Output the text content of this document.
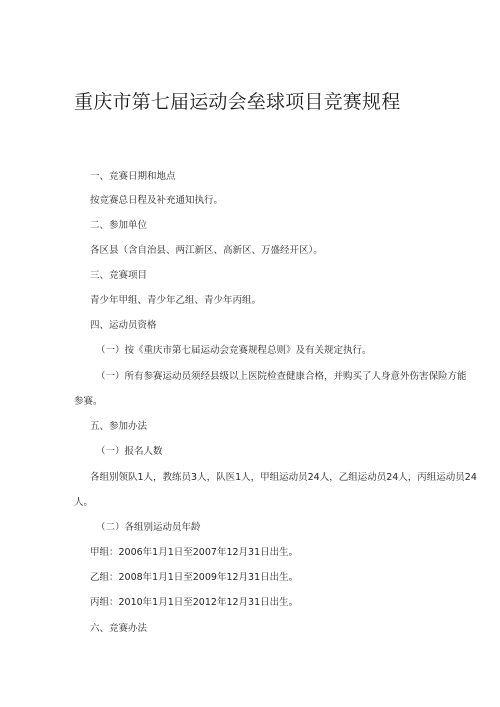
重庆市第七届运动会垒球项目竞赛规程
一、竞赛日期和地点
按竞赛总日程及补充通知执行。
二、参加单位
各区县（含自治县、两江新区、高新区、万盛经开区）。
三、竞赛项目
青少年甲组、青少年乙组、青少年丙组。
四、运动员资格
（一）按《重庆市第七届运动会竞赛规程总则》及有关规定执行。
（一）所有参赛运动员须经县级以上医院检查健康合格，并购买了人身意外伤害保险方能
参赛。
五、参加办法
（一）报名人数
各组别领队1人，教练员3人，队医1人，甲组运动员24人，乙组运动员24人，丙组运动员24
人。
（二）各组别运动员年龄
甲组：2006年1月1日至2007年12月31日出生。
乙组：2008年1月1日至2009年12月31日出生。
丙组：2010年1月1日至2012年12月31日出生。
六、竞赛办法
